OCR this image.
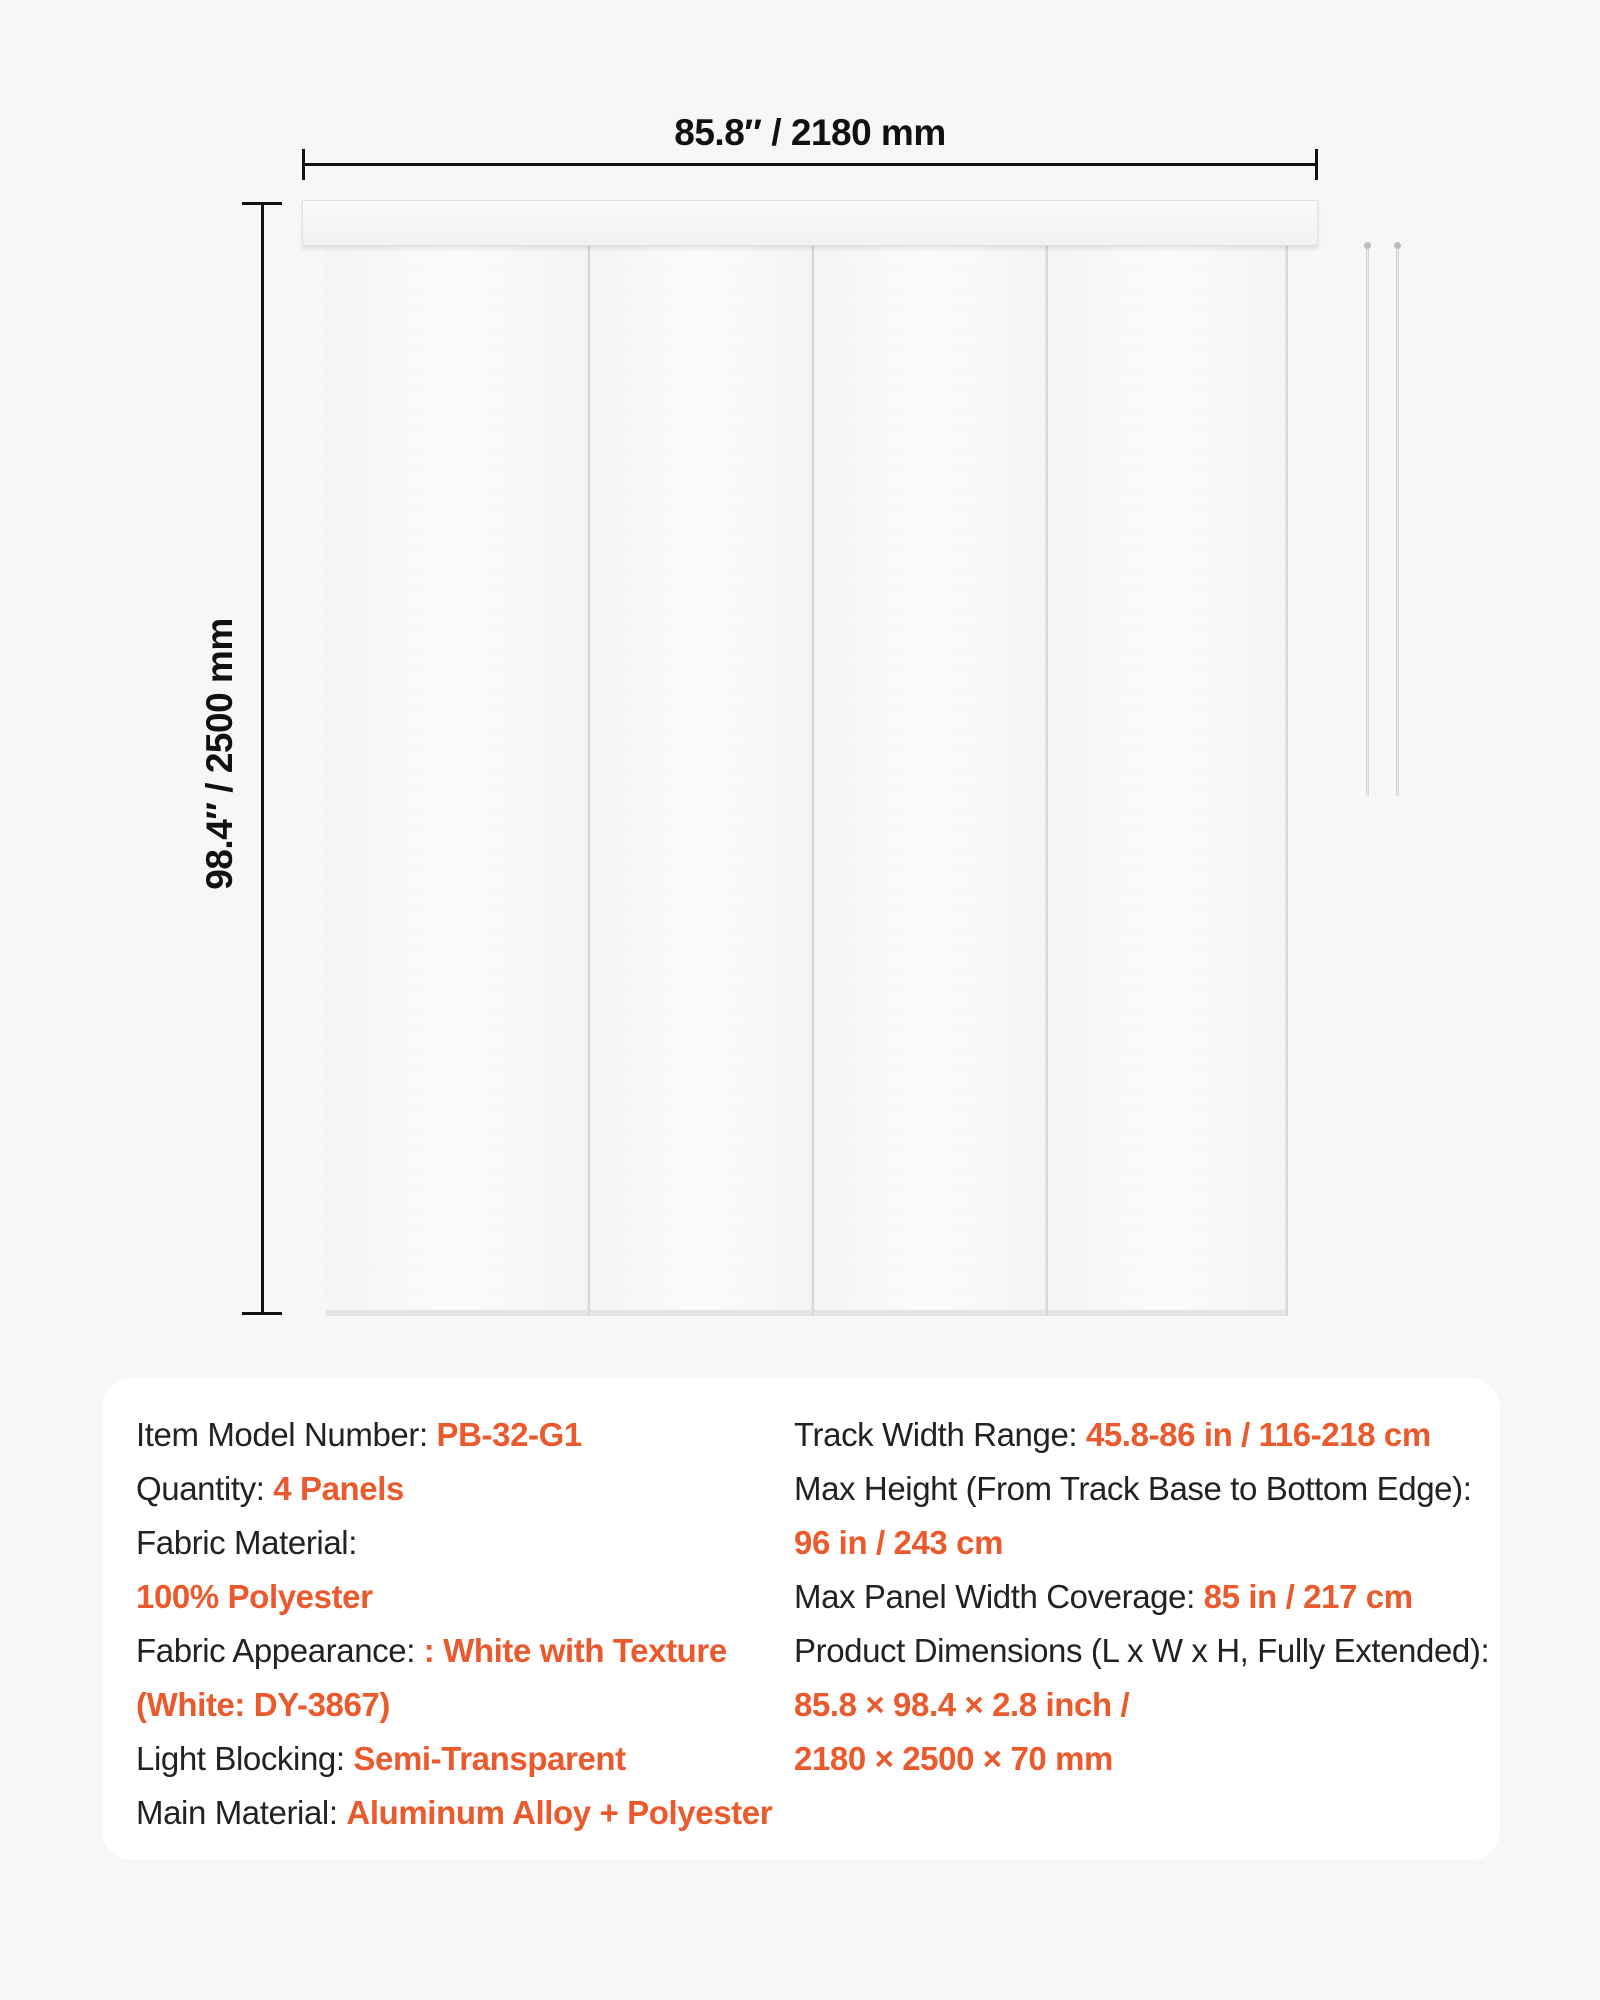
85.8″ / 2180 mm
98.4″ / 2500 mm
Item Model Number: PB-32-G1
Quantity: 4 Panels
Fabric Material:
100% Polyester
Fabric Appearance: : White with Texture
(White: DY-3867)
Light Blocking: Semi-Transparent
Main Material: Aluminum Alloy + Polyester
Track Width Range: 45.8-86 in / 116-218 cm
Max Height (From Track Base to Bottom Edge):
96 in / 243 cm
Max Panel Width Coverage: 85 in / 217 cm
Product Dimensions (L x W x H, Fully Extended):
85.8 × 98.4 × 2.8 inch /
2180 × 2500 × 70 mm
